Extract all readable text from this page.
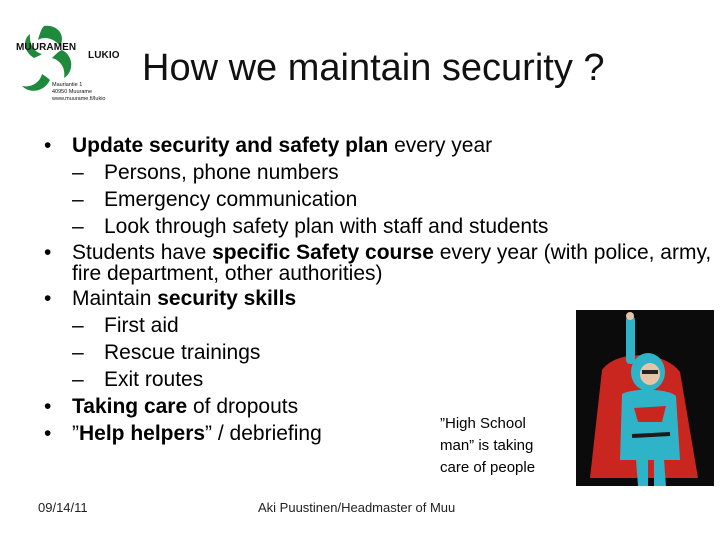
MUURAMEN
LUKIO
Mauriantie 1
40950 Muurame
www.muurame.fi/lukio
How we maintain security ?
• Update security and safety plan every year
– Persons, phone numbers
– Emergency communication
– Look through safety plan with staff and students
• Students have specific Safety course every year (with police, army, fire department, other authorities)
• Maintain security skills
– First aid
– Rescue trainings
– Exit routes
• Taking care of dropouts
• ”Help helpers” / debriefing	”High School
man” is taking
care of people
09/14/11	Aki Puustinen/Headmaster of Muu
